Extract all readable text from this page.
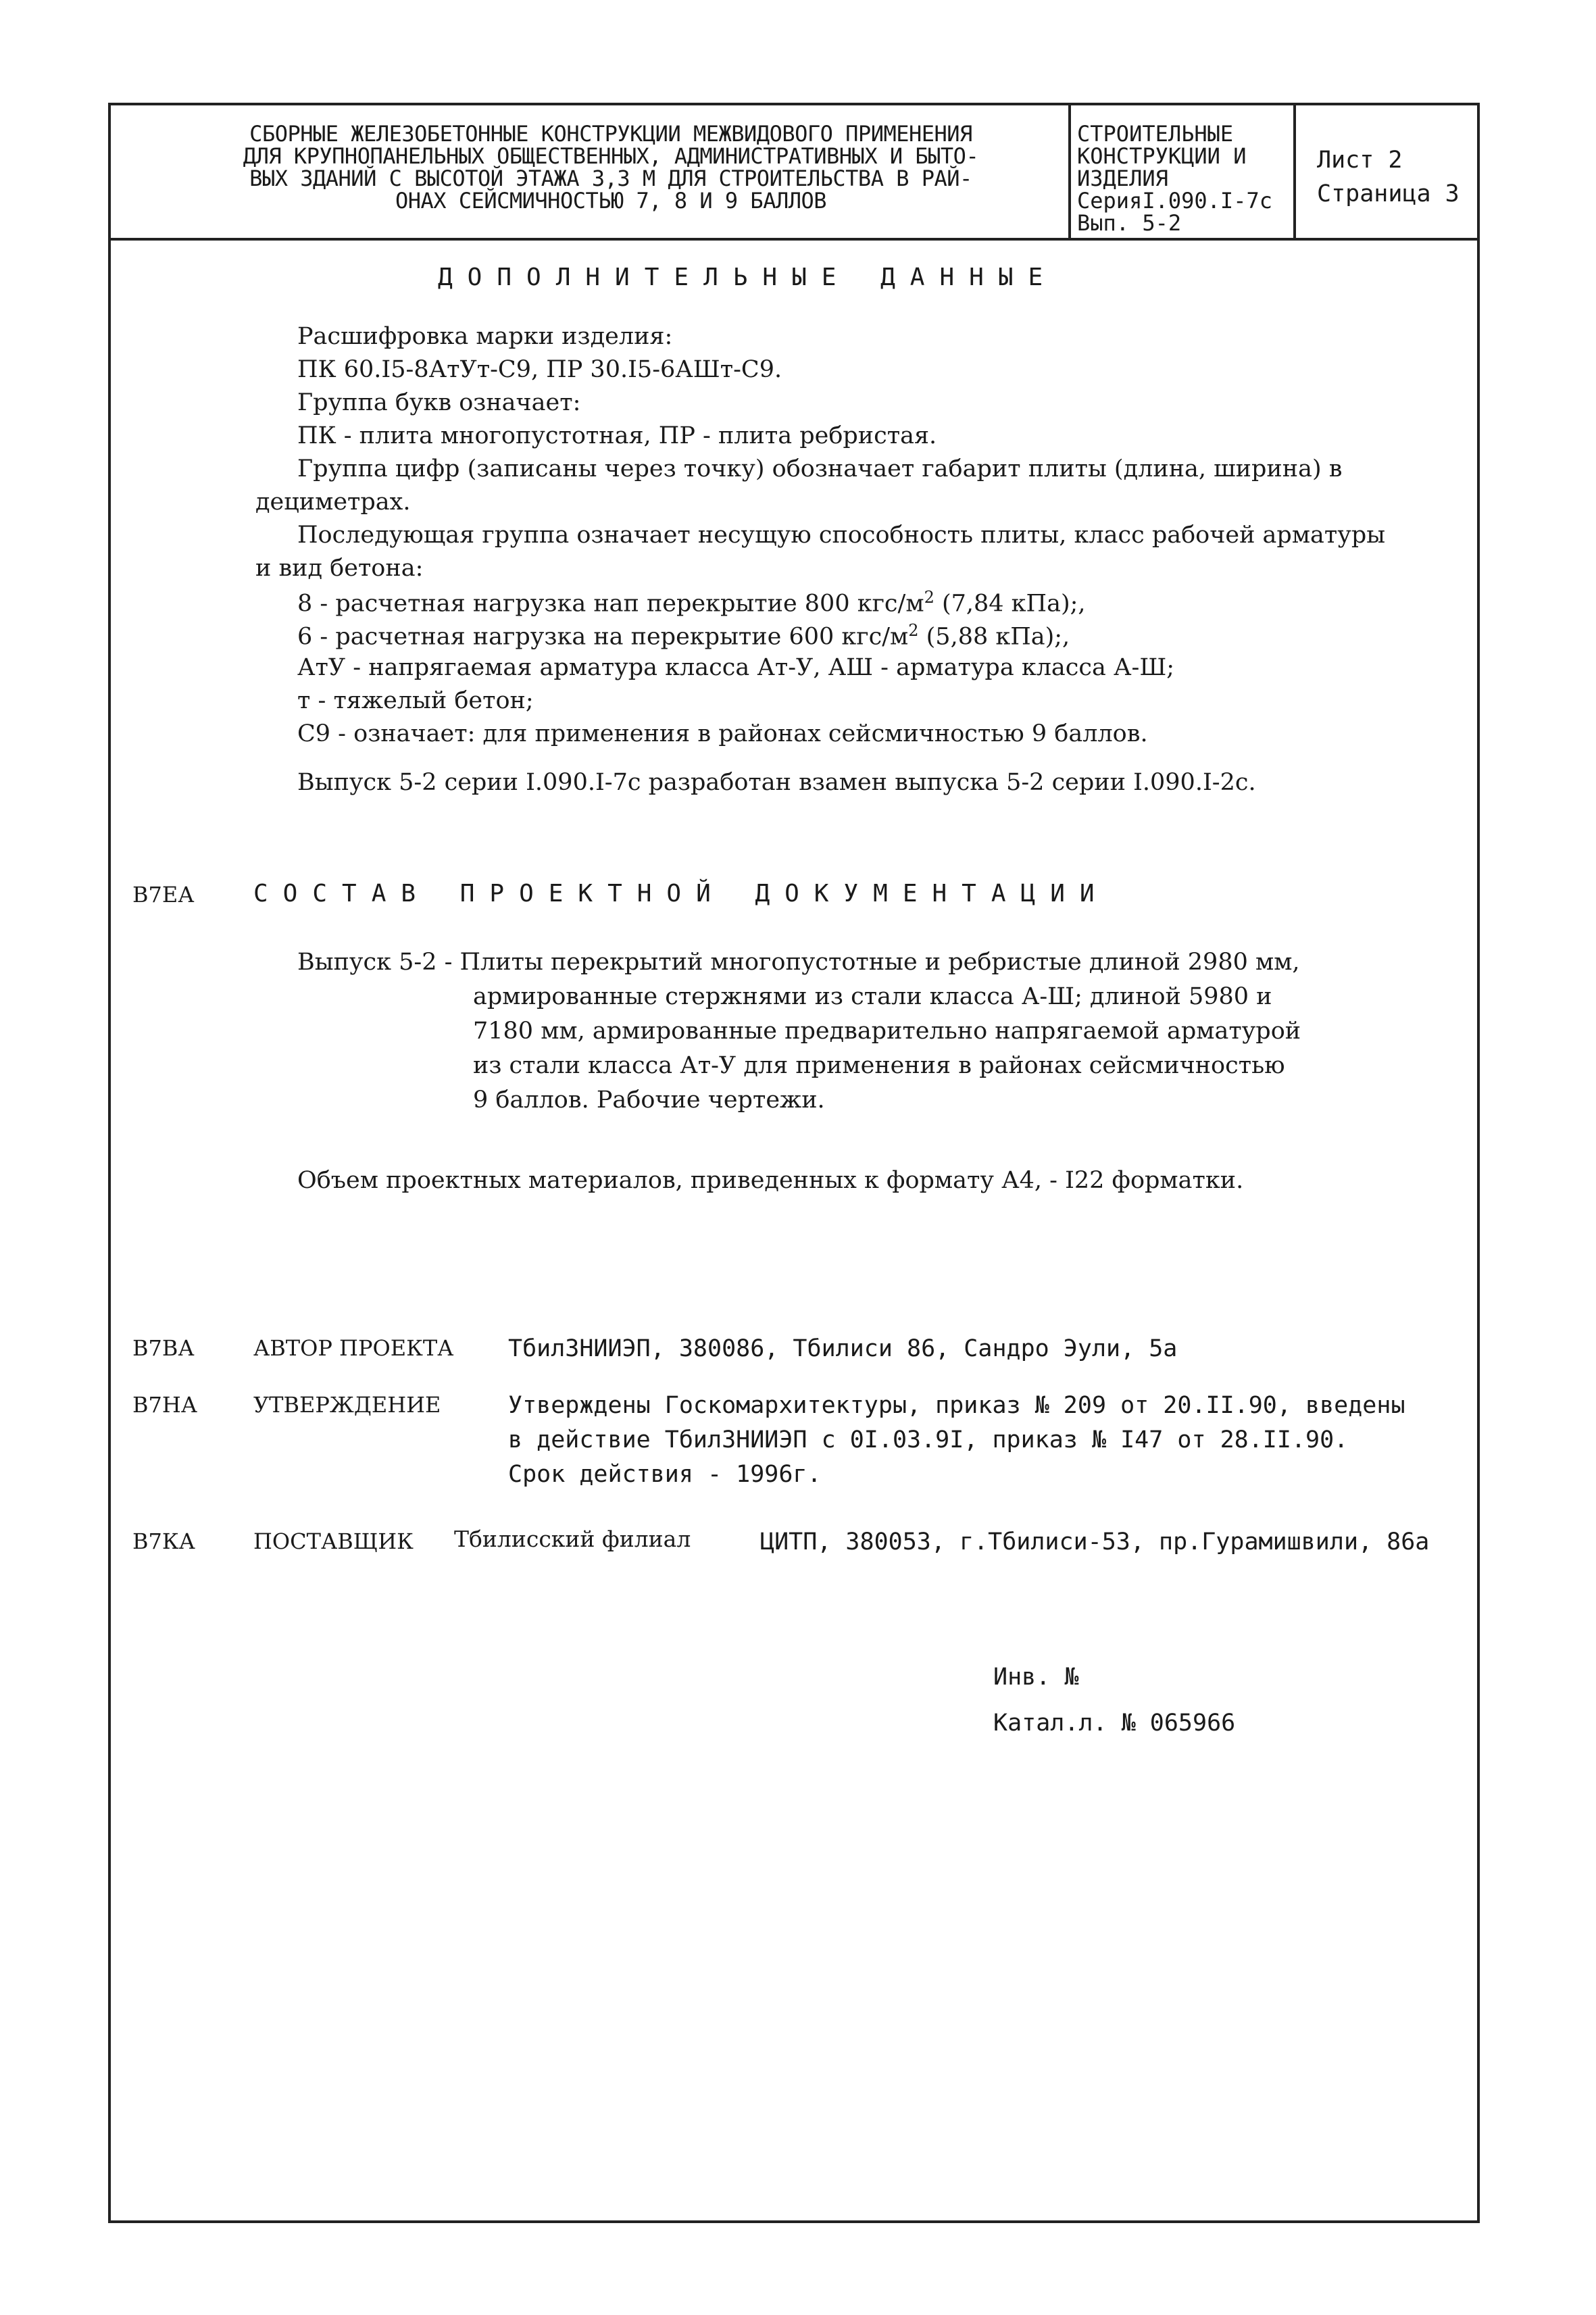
СБОРНЫЕ ЖЕЛЕЗОБЕТОННЫЕ КОНСТРУКЦИИ МЕЖВИДОВОГО ПРИМЕНЕНИЯ
ДЛЯ КРУПНОПАНЕЛЬНЫХ ОБЩЕСТВЕННЫХ, АДМИНИСТРАТИВНЫХ И БЫТО-
ВЫХ ЗДАНИЙ С ВЫСОТОЙ ЭТАЖА 3,3 М ДЛЯ СТРОИТЕЛЬСТВА В РАЙ-
ОНАХ СЕЙСМИЧНОСТЬЮ 7, 8 И 9 БАЛЛОВ
СТРОИТЕЛЬНЫЕ
КОНСТРУКЦИИ И
ИЗДЕЛИЯ
СерияI.090.I-7с
Вып. 5-2
Лист 2
Страница 3
ДОПОЛНИТЕЛЬНЫЕ ДАННЫЕ
Расшифровка марки изделия:
ПК 60.I5-8АтУт-С9, ПР 30.I5-6АШт-С9.
Группа букв означает:
ПК - плита многопустотная, ПР - плита ребристая.
Группа цифр (записаны через точку) обозначает габарит плиты (длина, ширина) в
дециметрах.
Последующая группа означает несущую способность плиты, класс рабочей арматуры
и вид бетона:
8 - расчетная нагрузка нап перекрытие 800 кгс/$м^2$ (7,84 кПа);,
6 - расчетная нагрузка на перекрытие 600 кгс/$м^2$ (5,88 кПа);,
АтУ - напрягаемая арматура класса Ат-У, АШ - арматура класса А-Ш;
т - тяжелый бетон;
С9 - означает: для применения в районах сейсмичностью 9 баллов.
Выпуск 5-2 серии I.090.I-7с разработан взамен выпуска 5-2 серии I.090.I-2с.
В7ЕА СОСТАВ ПРОЕКТНОЙ ДОКУМЕНТАЦИИ
Выпуск 5-2 - Плиты перекрытий многопустотные и ребристые длиной 2980 мм,
армированные стержнями из стали класса А-Ш; длиной 5980 и
7180 мм, армированные предварительно напрягаемой арматурой
из стали класса Ат-У для применения в районах сейсмичностью
9 баллов. Рабочие чертежи.
Объем проектных материалов, приведенных к формату А4, - I22 форматки.
В7ВА	АВТОР ПРОЕКТА ТбилЗНИИЭП, 380086, Тбилиси 86, Сандро Эули, 5а
В7НА	УТВЕРЖДЕНИЕ	Утверждены Госкомархитектуры, приказ № 209 от 20.II.90, введены
в действие ТбилЗНИИЭП с 0I.03.9I, приказ № I47 от 28.II.90.
Срок действия - 1996г.
В7КА	ПОСТАВЩИК Тбилисский филиал	ЦИТП, 380053, г.Тбилиси-53, пр.Гурамишвили, 86а
Инв. №
Катал.л. № 065966
